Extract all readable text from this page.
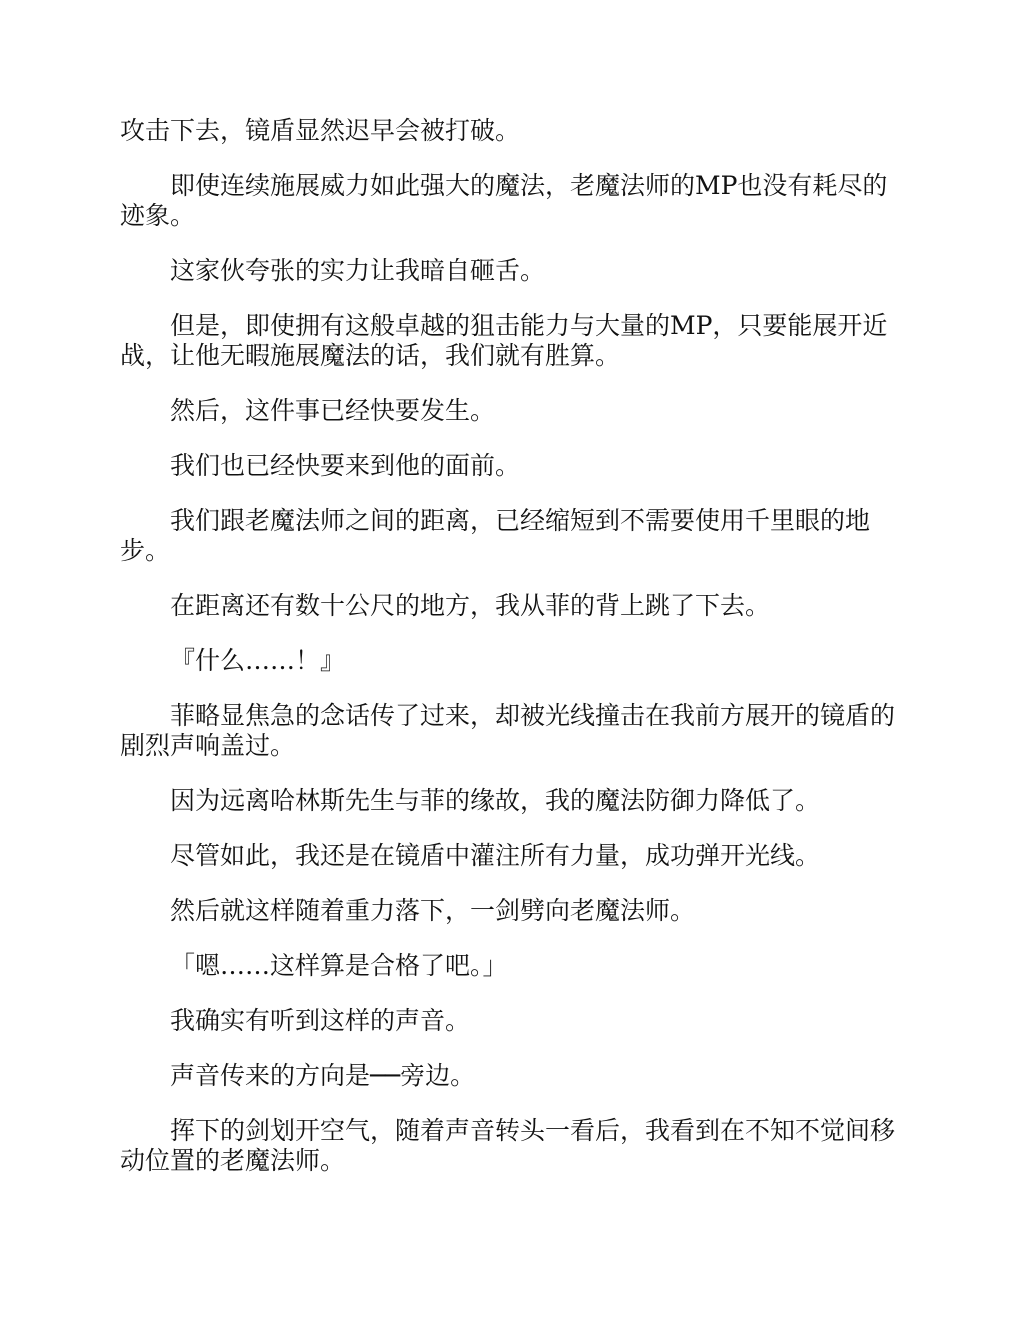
攻击下去，镜盾显然迟早会被打破。

即使连续施展威力如此强大的魔法，老魔法师的MP也没有耗尽的迹象。

这家伙夸张的实力让我暗自砸舌。

但是，即使拥有这般卓越的狙击能力与大量的MP，只要能展开近战，让他无暇施展魔法的话，我们就有胜算。

然后，这件事已经快要发生。

我们也已经快要来到他的面前。

我们跟老魔法师之间的距离，已经缩短到不需要使用千里眼的地步。

在距离还有数十公尺的地方，我从菲的背上跳了下去。

『什么……！』

菲略显焦急的念话传了过来，却被光线撞击在我前方展开的镜盾的剧烈声响盖过。

因为远离哈林斯先生与菲的缘故，我的魔法防御力降低了。

尽管如此，我还是在镜盾中灌注所有力量，成功弹开光线。

然后就这样随着重力落下，一剑劈向老魔法师。

「嗯……这样算是合格了吧。」

我确实有听到这样的声音。

声音传来的方向是──旁边。

挥下的剑划开空气，随着声音转头一看后，我看到在不知不觉间移动位置的老魔法师。
